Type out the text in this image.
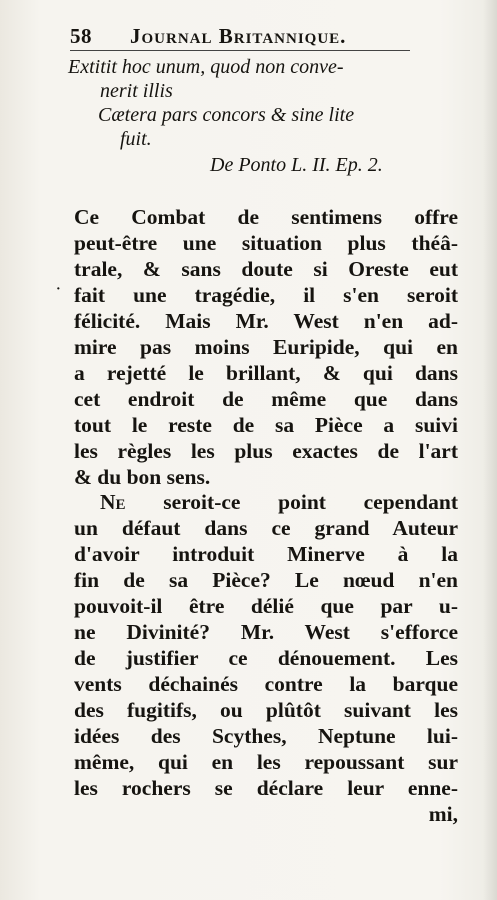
58 Journal Britannique.
Extitit hoc unum, quod non conve-
nerit illis
Cætera pars concors & sine lite
fuit.
De Ponto L. II. Ep. 2.
·
Ce Combat de sentimens offre
peut-être une situation plus théâ-
trale, & sans doute si Oreste eut
fait une tragédie, il s'en seroit
félicité. Mais Mr. West n'en ad-
mire pas moins Euripide, qui en
a rejetté le brillant, & qui dans
cet endroit de même que dans
tout le reste de sa Pièce a suivi
les règles les plus exactes de l'art
& du bon sens.
Ne seroit-ce point cependant
un défaut dans ce grand Auteur
d'avoir introduit Minerve à la
fin de sa Pièce? Le nœud n'en
pouvoit-il être délié que par u-
ne Divinité? Mr. West s'efforce
de justifier ce dénouement. Les
vents déchainés contre la barque
des fugitifs, ou plûtôt suivant les
idées des Scythes, Neptune lui-
même, qui en les repoussant sur
les rochers se déclare leur enne-
mi,
